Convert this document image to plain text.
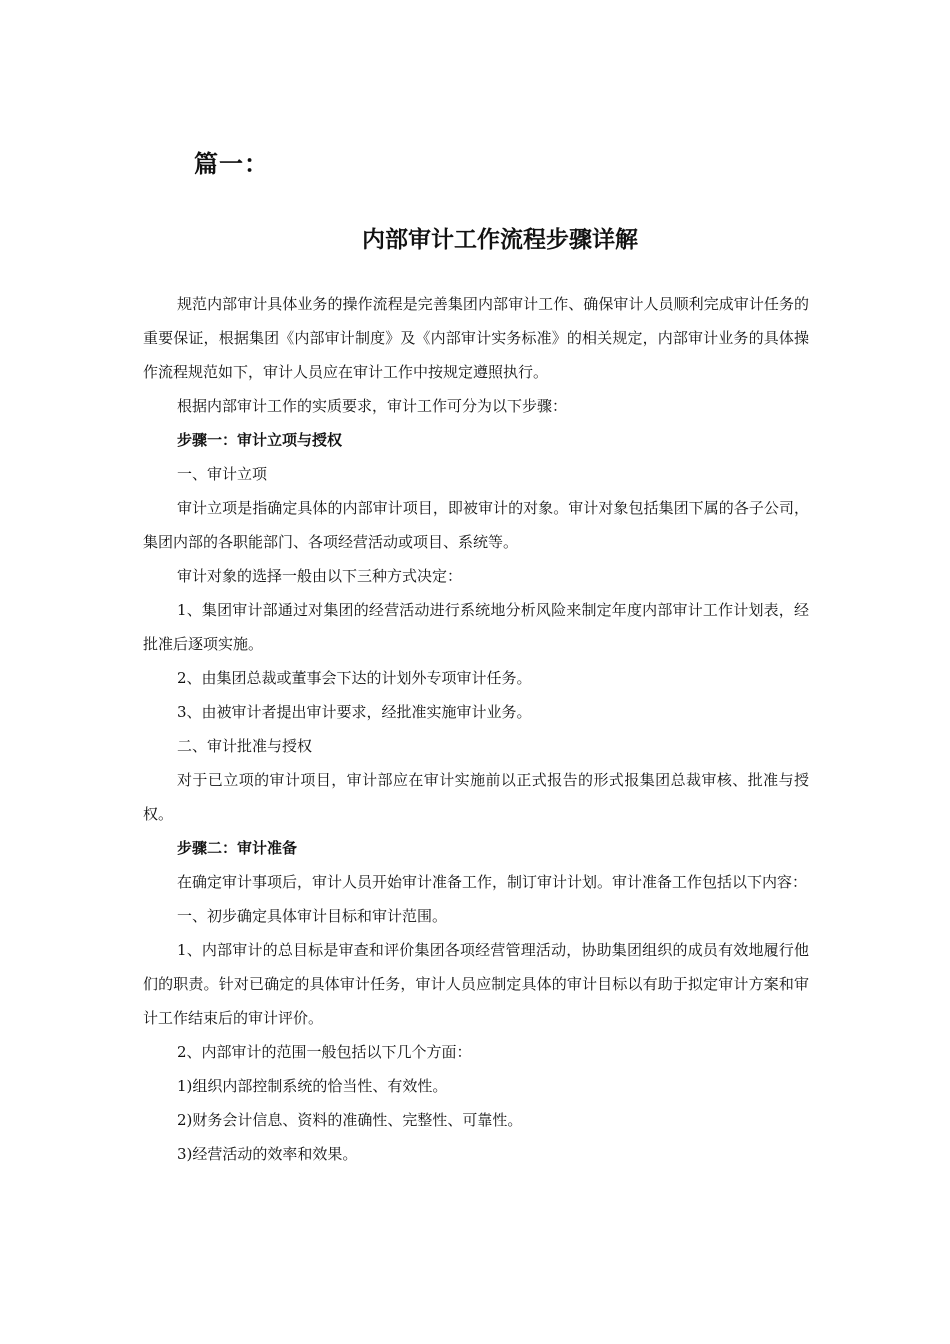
篇一：
内部审计工作流程步骤详解

规范内部审计具体业务的操作流程是完善集团内部审计工作、确保审计人员顺利完成审计任务的重要保证，根据集团《内部审计制度》及《内部审计实务标准》的相关规定，内部审计业务的具体操作流程规范如下，审计人员应在审计工作中按规定遵照执行。

根据内部审计工作的实质要求，审计工作可分为以下步骤：

步骤一：审计立项与授权

一、审计立项

审计立项是指确定具体的内部审计项目，即被审计的对象。审计对象包括集团下属的各子公司，集团内部的各职能部门、各项经营活动或项目、系统等。

审计对象的选择一般由以下三种方式决定：

1、集团审计部通过对集团的经营活动进行系统地分析风险来制定年度内部审计工作计划表，经批准后逐项实施。

2、由集团总裁或董事会下达的计划外专项审计任务。

3、由被审计者提出审计要求，经批准实施审计业务。

二、审计批准与授权

对于已立项的审计项目，审计部应在审计实施前以正式报告的形式报集团总裁审核、批准与授权。

步骤二：审计准备

在确定审计事项后，审计人员开始审计准备工作，制订审计计划。审计准备工作包括以下内容：

一、初步确定具体审计目标和审计范围。

1、内部审计的总目标是审查和评价集团各项经营管理活动，协助集团组织的成员有效地履行他们的职责。针对已确定的具体审计任务，审计人员应制定具体的审计目标以有助于拟定审计方案和审计工作结束后的审计评价。

2、内部审计的范围一般包括以下几个方面：

1)组织内部控制系统的恰当性、有效性。

2)财务会计信息、资料的准确性、完整性、可靠性。

3)经营活动的效率和效果。
